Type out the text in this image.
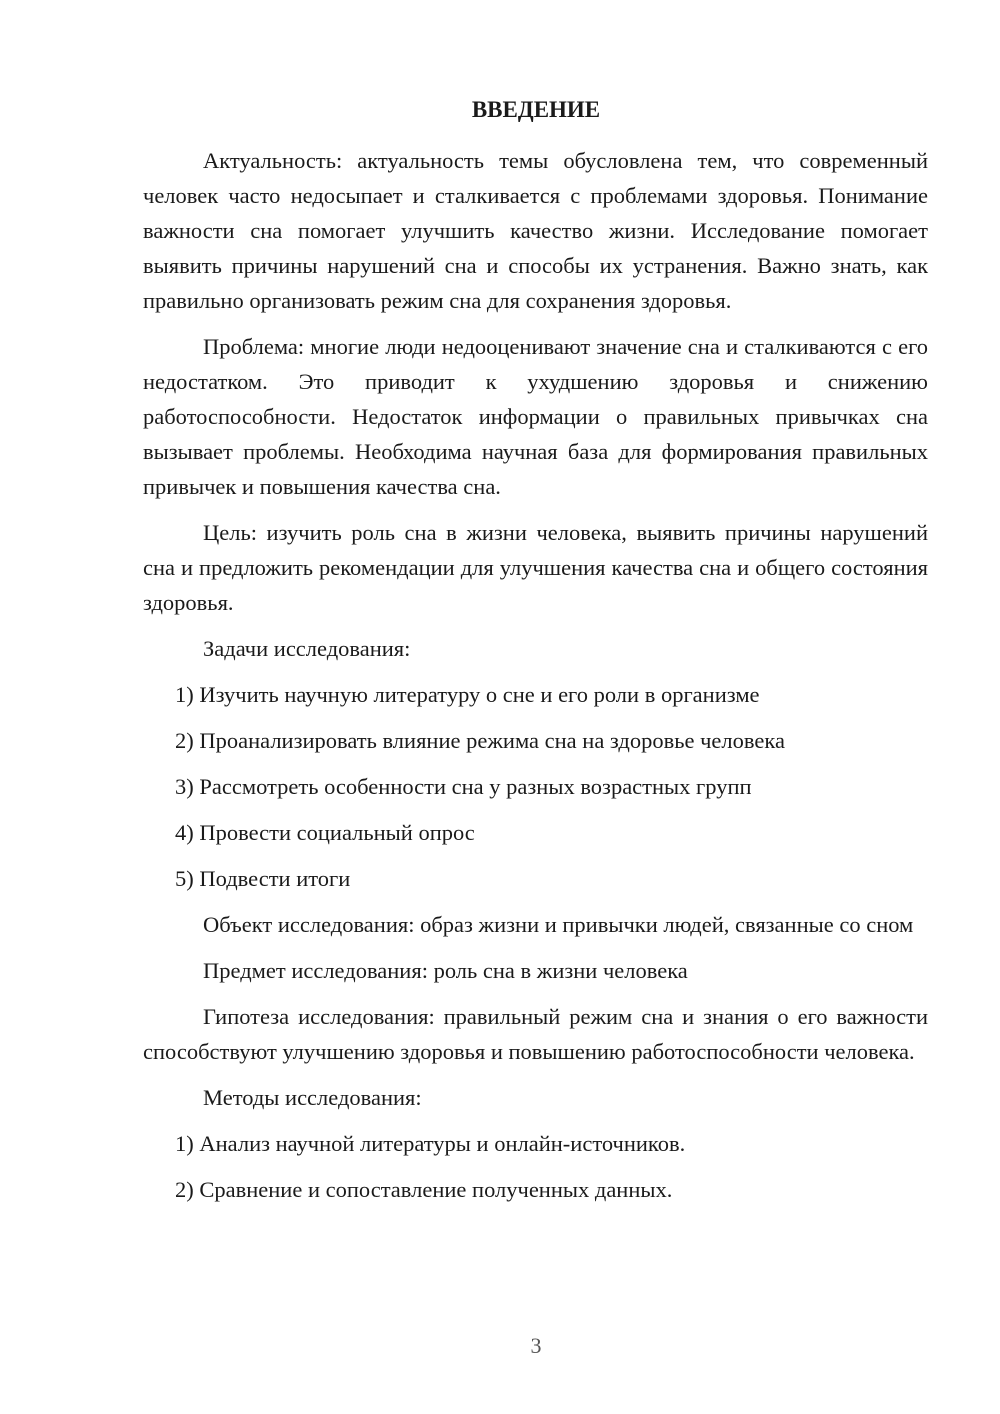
ВВЕДЕНИЕ

Актуальность: актуальность темы обусловлена тем, что современный человек часто недосыпает и сталкивается с проблемами здоровья. Понимание важности сна помогает улучшить качество жизни. Исследование помогает выявить причины нарушений сна и способы их устранения. Важно знать, как правильно организовать режим сна для сохранения здоровья.

Проблема: многие люди недооценивают значение сна и сталкиваются с его недостатком. Это приводит к ухудшению здоровья и снижению работоспособности. Недостаток информации о правильных привычках сна вызывает проблемы. Необходима научная база для формирования правильных привычек и повышения качества сна.

Цель: изучить роль сна в жизни человека, выявить причины нарушений сна и предложить рекомендации для улучшения качества сна и общего состояния здоровья.

Задачи исследования:

1) Изучить научную литературу о сне и его роли в организме

2) Проанализировать влияние режима сна на здоровье человека

3) Рассмотреть особенности сна у разных возрастных групп

4) Провести социальный опрос

5) Подвести итоги

Объект исследования: образ жизни и привычки людей, связанные со сном

Предмет исследования: роль сна в жизни человека

Гипотеза исследования: правильный режим сна и знания о его важности способствуют улучшению здоровья и повышению работоспособности человека.

Методы исследования:

1) Анализ научной литературы и онлайн-источников.

2) Сравнение и сопоставление полученных данных.

3
